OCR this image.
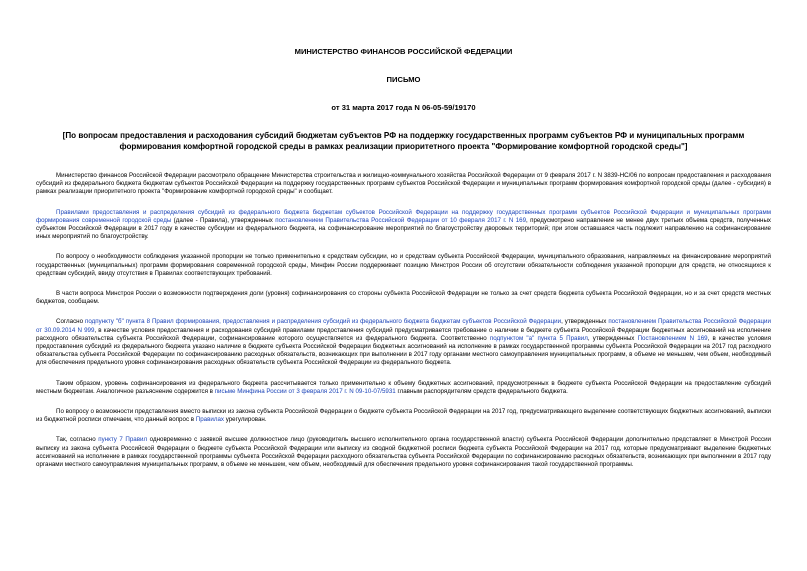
МИНИСТЕРСТВО ФИНАНСОВ РОССИЙСКОЙ ФЕДЕРАЦИИ

ПИСЬМО

от 31 марта 2017 года N 06-05-59/19170

[По вопросам предоставления и расходования субсидий бюджетам субъектов РФ на поддержку государственных программ субъектов РФ и муниципальных программ формирования комфортной городской среды в рамках реализации приоритетного проекта "Формирование комфортной городской среды"]

Министерство финансов Российской Федерации рассмотрело обращение Министерства строительства и жилищно-коммунального хозяйства Российской Федерации от 9 февраля 2017 г. N 3839-НС/06 по вопросам предоставления и расходования субсидий из федерального бюджета бюджетам субъектов Российской Федерации на поддержку государственных программ субъектов Российской Федерации и муниципальных программ формирования комфортной городской среды (далее - субсидия) в рамках реализации приоритетного проекта "Формирование комфортной городской среды" и сообщает.

Правилами предоставления и распределения субсидий из федерального бюджета бюджетам субъектов Российской Федерации на поддержку государственных программ субъектов Российской Федерации и муниципальных программ формирования современной городской среды (далее - Правила), утвержденных постановлением Правительства Российской Федерации от 10 февраля 2017 г. N 169, предусмотрено направление не менее двух третьих объема средств, полученных субъектом Российской Федерации в 2017 году в качестве субсидии из федерального бюджета, на софинансирование мероприятий по благоустройству дворовых территорий; при этом оставшаяся часть подлежит направлению на софинансирование иных мероприятий по благоустройству.

По вопросу о необходимости соблюдения указанной пропорции не только применительно к средствам субсидии, но и средствам субъекта Российской Федерации, муниципального образования, направляемых на финансирование мероприятий государственных (муниципальных) программ формирования современной городской среды, Минфин России поддерживает позицию Минстроя России об отсутствии обязательности соблюдения указанной пропорции для средств, не относящихся к средствам субсидий, ввиду отсутствия в Правилах соответствующих требований.

В части вопроса Минстроя России о возможности подтверждения доли (уровня) софинансирования со стороны субъекта Российской Федерации не только за счет средств бюджета субъекта Российской Федерации, но и за счет средств местных бюджетов, сообщаем.

Согласно подпункту "б" пункта 8 Правил формирования, предоставления и распределения субсидий из федерального бюджета бюджетам субъектов Российской Федерации, утвержденных постановлением Правительства Российской Федерации от 30.09.2014 N 999, в качестве условия предоставления и расходования субсидий правилами предоставления субсидий предусматривается требование о наличии в бюджете субъекта Российской Федерации бюджетных ассигнований на исполнение расходного обязательства субъекта Российской Федерации, софинансирование которого осуществляется из федерального бюджета. Соответственно подпунктом "а" пункта 5 Правил, утвержденных Постановлением N 169, в качестве условия предоставления субсидий из федерального бюджета указано наличие в бюджете субъекта Российской Федерации бюджетных ассигнований на исполнение в рамках государственной программы субъекта Российской Федерации на 2017 год расходного обязательства субъекта Российской Федерации по софинансированию расходных обязательств, возникающих при выполнении в 2017 году органами местного самоуправления муниципальных программ, в объеме не меньшем, чем объем, необходимый для обеспечения предельного уровня софинансирования расходных обязательств субъекта Российской Федерации из федерального бюджета.

Таким образом, уровень софинансирования из федерального бюджета рассчитывается только применительно к объему бюджетных ассигнований, предусмотренных в бюджете субъекта Российской Федерации на предоставление субсидий местным бюджетам. Аналогичное разъяснение содержится в письме Минфина России от 3 февраля 2017 г. N 09-10-07/5931 главным распорядителям средств федерального бюджета.

По вопросу о возможности представления вместо выписки из закона субъекта Российской Федерации о бюджете субъекта Российской Федерации на 2017 год, предусматривающего выделение соответствующих бюджетных ассигнований, выписки из бюджетной росписи отмечаем, что данный вопрос в Правилах урегулирован.

Так, согласно пункту 7 Правил одновременно с заявкой высшее должностное лицо (руководитель высшего исполнительного органа государственной власти) субъекта Российской Федерации дополнительно представляет в Минстрой России выписку из закона субъекта Российской Федерации о бюджете субъекта Российской Федерации или выписку из сводной бюджетной росписи бюджета субъекта Российской Федерации на 2017 год, которые предусматривают выделение бюджетных ассигнований на исполнение в рамках государственной программы субъекта Российской Федерации расходного обязательства субъекта Российской Федерации по софинансированию расходных обязательств, возникающих при выполнении в 2017 году органами местного самоуправления муниципальных программ, в объеме не меньшем, чем объем, необходимый для обеспечения предельного уровня софинансирования такой государственной программы.
